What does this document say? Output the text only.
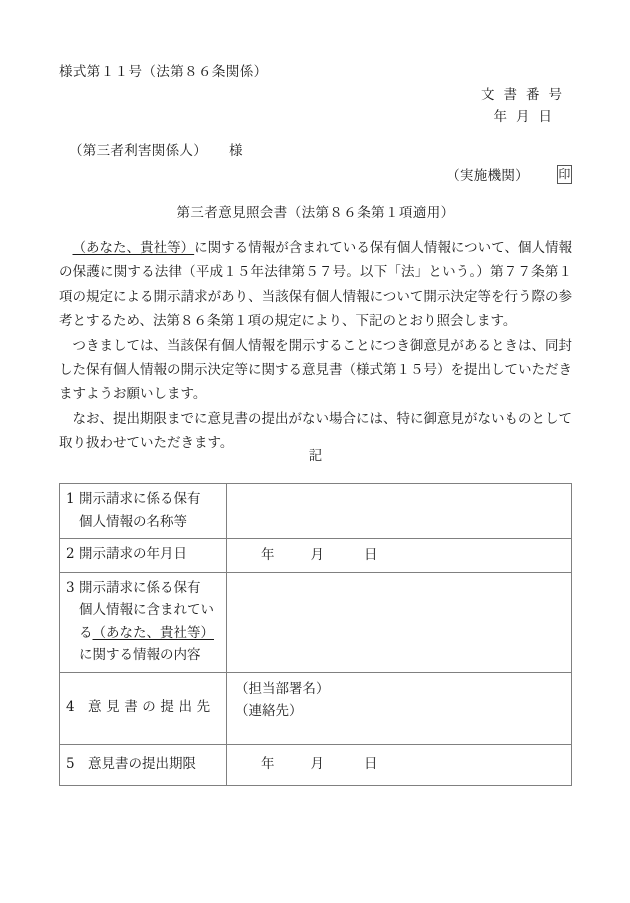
様式第１１号（法第８６条関係）
文書番号
年月日
（第三者利害関係人） 様
（実施機関） 印
第三者意見照会書（法第８６条第１項適用）

（あなた、貴社等）に関する情報が含まれている保有個人情報について、個人情報の保護に関する法律（平成１５年法律第５７号。以下「法」という。）第７７条第１項の規定による開示請求があり、当該保有個人情報について開示決定等を行う際の参考とするため、法第８６条第１項の規定により、下記のとおり照会します。

つきましては、当該保有個人情報を開示することにつき御意見があるときは、同封した保有個人情報の開示決定等に関する意見書（様式第１５号）を提出していただきますようお願いします。

なお、提出期限までに意見書の提出がない場合には、特に御意見がないものとして取り扱わせていただきます。

記
1 開示請求に係る保有
個人情報の名称等	

2 開示請求の年月日	年 月 日

3 開示請求に係る保有
個人情報に含まれてい
る（あなた、貴社等）
に関する情報の内容	

4 意見書の提出先	（担当部署名）
（連絡先）

5 意見書の提出期限	年 月 日
